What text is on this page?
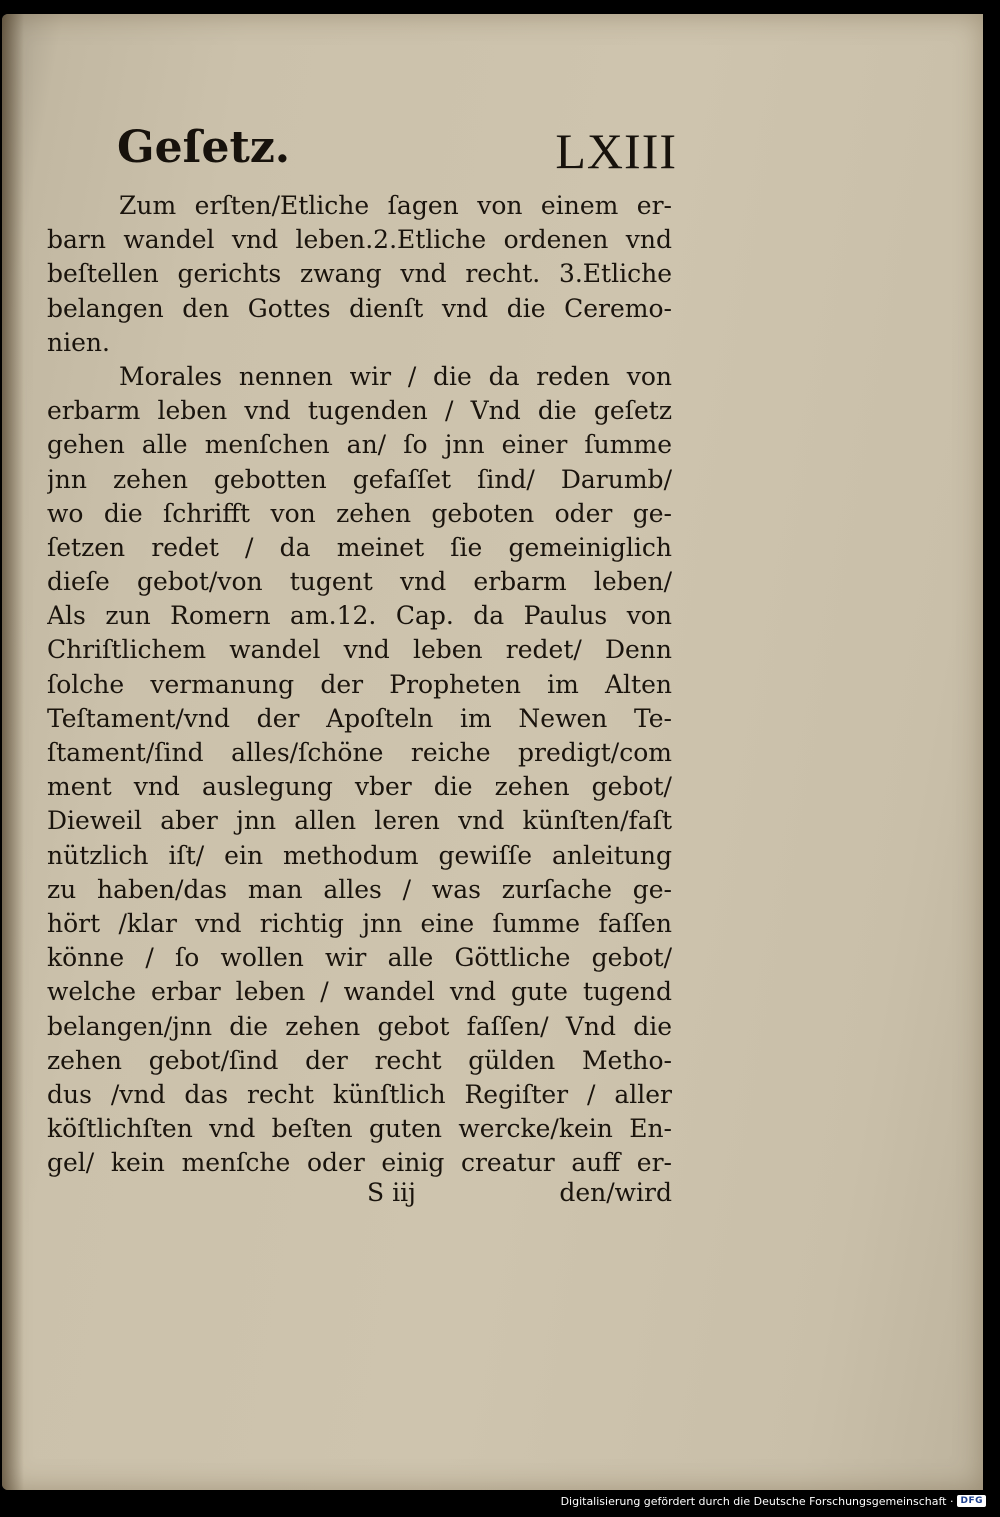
Geſetz.	LXIII
Zum erſten/Etliche ſagen von einem er-
barn wandel vnd leben.2.Etliche ordenen vnd
beſtellen gerichts zwang vnd recht. 3.Etliche
belangen den Gottes dienſt vnd die Ceremo-
nien.
Morales nennen wir / die da reden von
erbarm leben vnd tugenden / Vnd die geſetz
gehen alle menſchen an/ ſo jnn einer ſumme
jnn zehen gebotten gefaſſet ſind/ Darumb/
wo die ſchrifft von zehen geboten oder ge-
ſetzen redet / da meinet ſie gemeiniglich
dieſe gebot/von tugent vnd erbarm leben/
Als zun Romern am.12. Cap. da Paulus von
Chriſtlichem wandel vnd leben redet/ Denn
ſolche vermanung der Propheten im Alten
Teſtament/vnd der Apoſteln im Newen Te-
ſtament/ſind alles/ſchöne reiche predigt/com
ment vnd auslegung vber die zehen gebot/
Dieweil aber jnn allen leren vnd künſten/faſt
nützlich iſt/ ein methodum gewiſſe anleitung
zu haben/das man alles / was zurſache ge-
hört /klar vnd richtig jnn eine ſumme faſſen
könne / ſo wollen wir alle Göttliche gebot/
welche erbar leben / wandel vnd gute tugend
belangen/jnn die zehen gebot faſſen/ Vnd die
zehen gebot/ſind der recht gülden Metho-
dus /vnd das recht künſtlich Regiſter / aller
köſtlichſten vnd beſten guten wercke/kein En-
gel/ kein menſche oder einig creatur auff er-
S iij	den/wird
Digitalisierung gefördert durch die Deutsche Forschungsgemeinschaft · DFG
